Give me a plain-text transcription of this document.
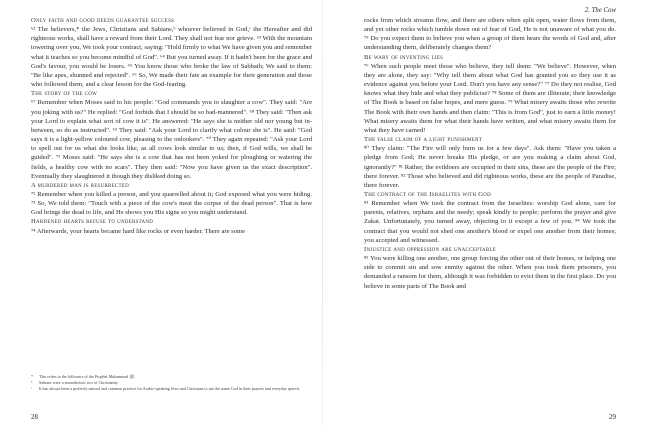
Only faith and good deeds guarantee success
⁶² The believers,* the Jews, Christians and Sabians,ᵇ whoever believed in God,ᶜ the Hereafter and did righteous works, shall have a reward from their Lord. They shall not fear nor grieve. ⁶³ With the mountain towering over you, We took your contract, saying: "Hold firmly to what We have given you and remember what it teaches so you become mindful of God". ⁶⁴ But you turned away. If it hadn't been for the grace and God's favour, you would be losers. ⁶⁵ You know those who broke the law of Sabbath; We said to them: "Be like apes, shunned and rejected". ⁶⁶ So, We made their fate an example for their generation and those who followed them, and a clear lesson for the God-fearing.
The story of the cow
⁶⁷ Remember when Moses said to his people: "God commands you to slaughter a cow". They said: "Are you joking with us?" He replied: "God forbids that I should be so bad-mannered". ⁶⁸ They said: "Then ask your Lord to explain what sort of cow it is". He answered: "He says she is neither old nor young but in-between, so do as instructed". ⁶⁹ They said: "Ask your Lord to clarify what colour she is". He said: "God says it is a light-yellow coloured cow, pleasing to the onlookers". ⁷⁰ They again repeated: "Ask your Lord to spell out for us what she looks like, as all cows look similar to us; then, if God wills, we shall be guided". ⁷¹ Moses said: "He says she is a cow that has not been yoked for ploughing or watering the fields, a healthy cow with no scars". They then said: "Now you have given us the exact description". Eventually they slaughtered it though they disliked doing so.
A murdered man is resurrected
⁷² Remember when you killed a person, and you quarrelled about it; God exposed what you were hiding. ⁷³ So, We told them: "Touch with a piece of the cow's meat the corpse of the dead person". That is how God brings the dead to life, and He shows you His signs so you might understand.
Hardened hearts refuse to understand
⁷⁴ Afterwards, your hearts became hard like rocks or even harder. There are some
* This refers to the followers of the Prophet Muhammad ﷺ.
ᵇ Sabians were a monotheistic sect of Christianity.
ᶜ It has always been a perfectly natural and common practice for Arabic-speaking Jews and Christians to use the name God in their prayers and everyday speech.
28
2. The Cow
rocks from which streams flow, and there are others when split open, water flows from them, and yet other rocks which tumble down out of fear of God, He is not unaware of what you do. ⁷⁵ Do you expect them to believe you when a group of them hears the words of God and, after understanding them, deliberately changes them?
Be wary of inventing lies
⁷⁶ When such people meet those who believe, they tell them: "We believe". However, when they are alone, they say: "Why tell them about what God has granted you so they use it as evidence against you before your Lord. Don't you have any sense?" ⁷⁷ Do they not realise, God knows what they hide and what they publicise? ⁷⁸ Some of them are illiterate; their knowledge of The Book is based on false hopes, and mere guess. ⁷⁹ What misery awaits those who rewrite The Book with their own hands and then claim: "This is from God", just to earn a little money! What misery awaits them for what their hands have written, and what misery awaits them for what they have carned!
The false claim of a light punishment
⁸⁰ They claim: "The Fire will only burn us for a few days". Ask them: "Have you taken a pledge from God; He never breaks His pledge, or are you making a claim about God, ignorantly?" ⁸¹ Rather, the evildoers are occupied in their sins, these are the people of the Fire; there forever. ⁸² Those who believed and did righteous works, these are the people of Paradise, there forever.
The contract of the Israelites with God
⁸³ Remember when We took the contract from the Israelites: worship God alone, care for parents, relatives, orphans and the needy; speak kindly to people; perform the prayer and give Zakat. Unfortunately, you turned away, objecting to it except a few of you. ⁸⁴ We took the contract that you would not shed one another's blood or expel one another from their homes; you accepted and witnessed.
Injustice and oppression are unacceptable
⁸⁵ You were killing one another, one group forcing the other out of their homes, or helping one side to commit sin and sow enmity against the other. When you took them prisoners, you demanded a ransom for them, although it was forbidden to evict them in the first place. Do you believe in some parts of The Book and
29
